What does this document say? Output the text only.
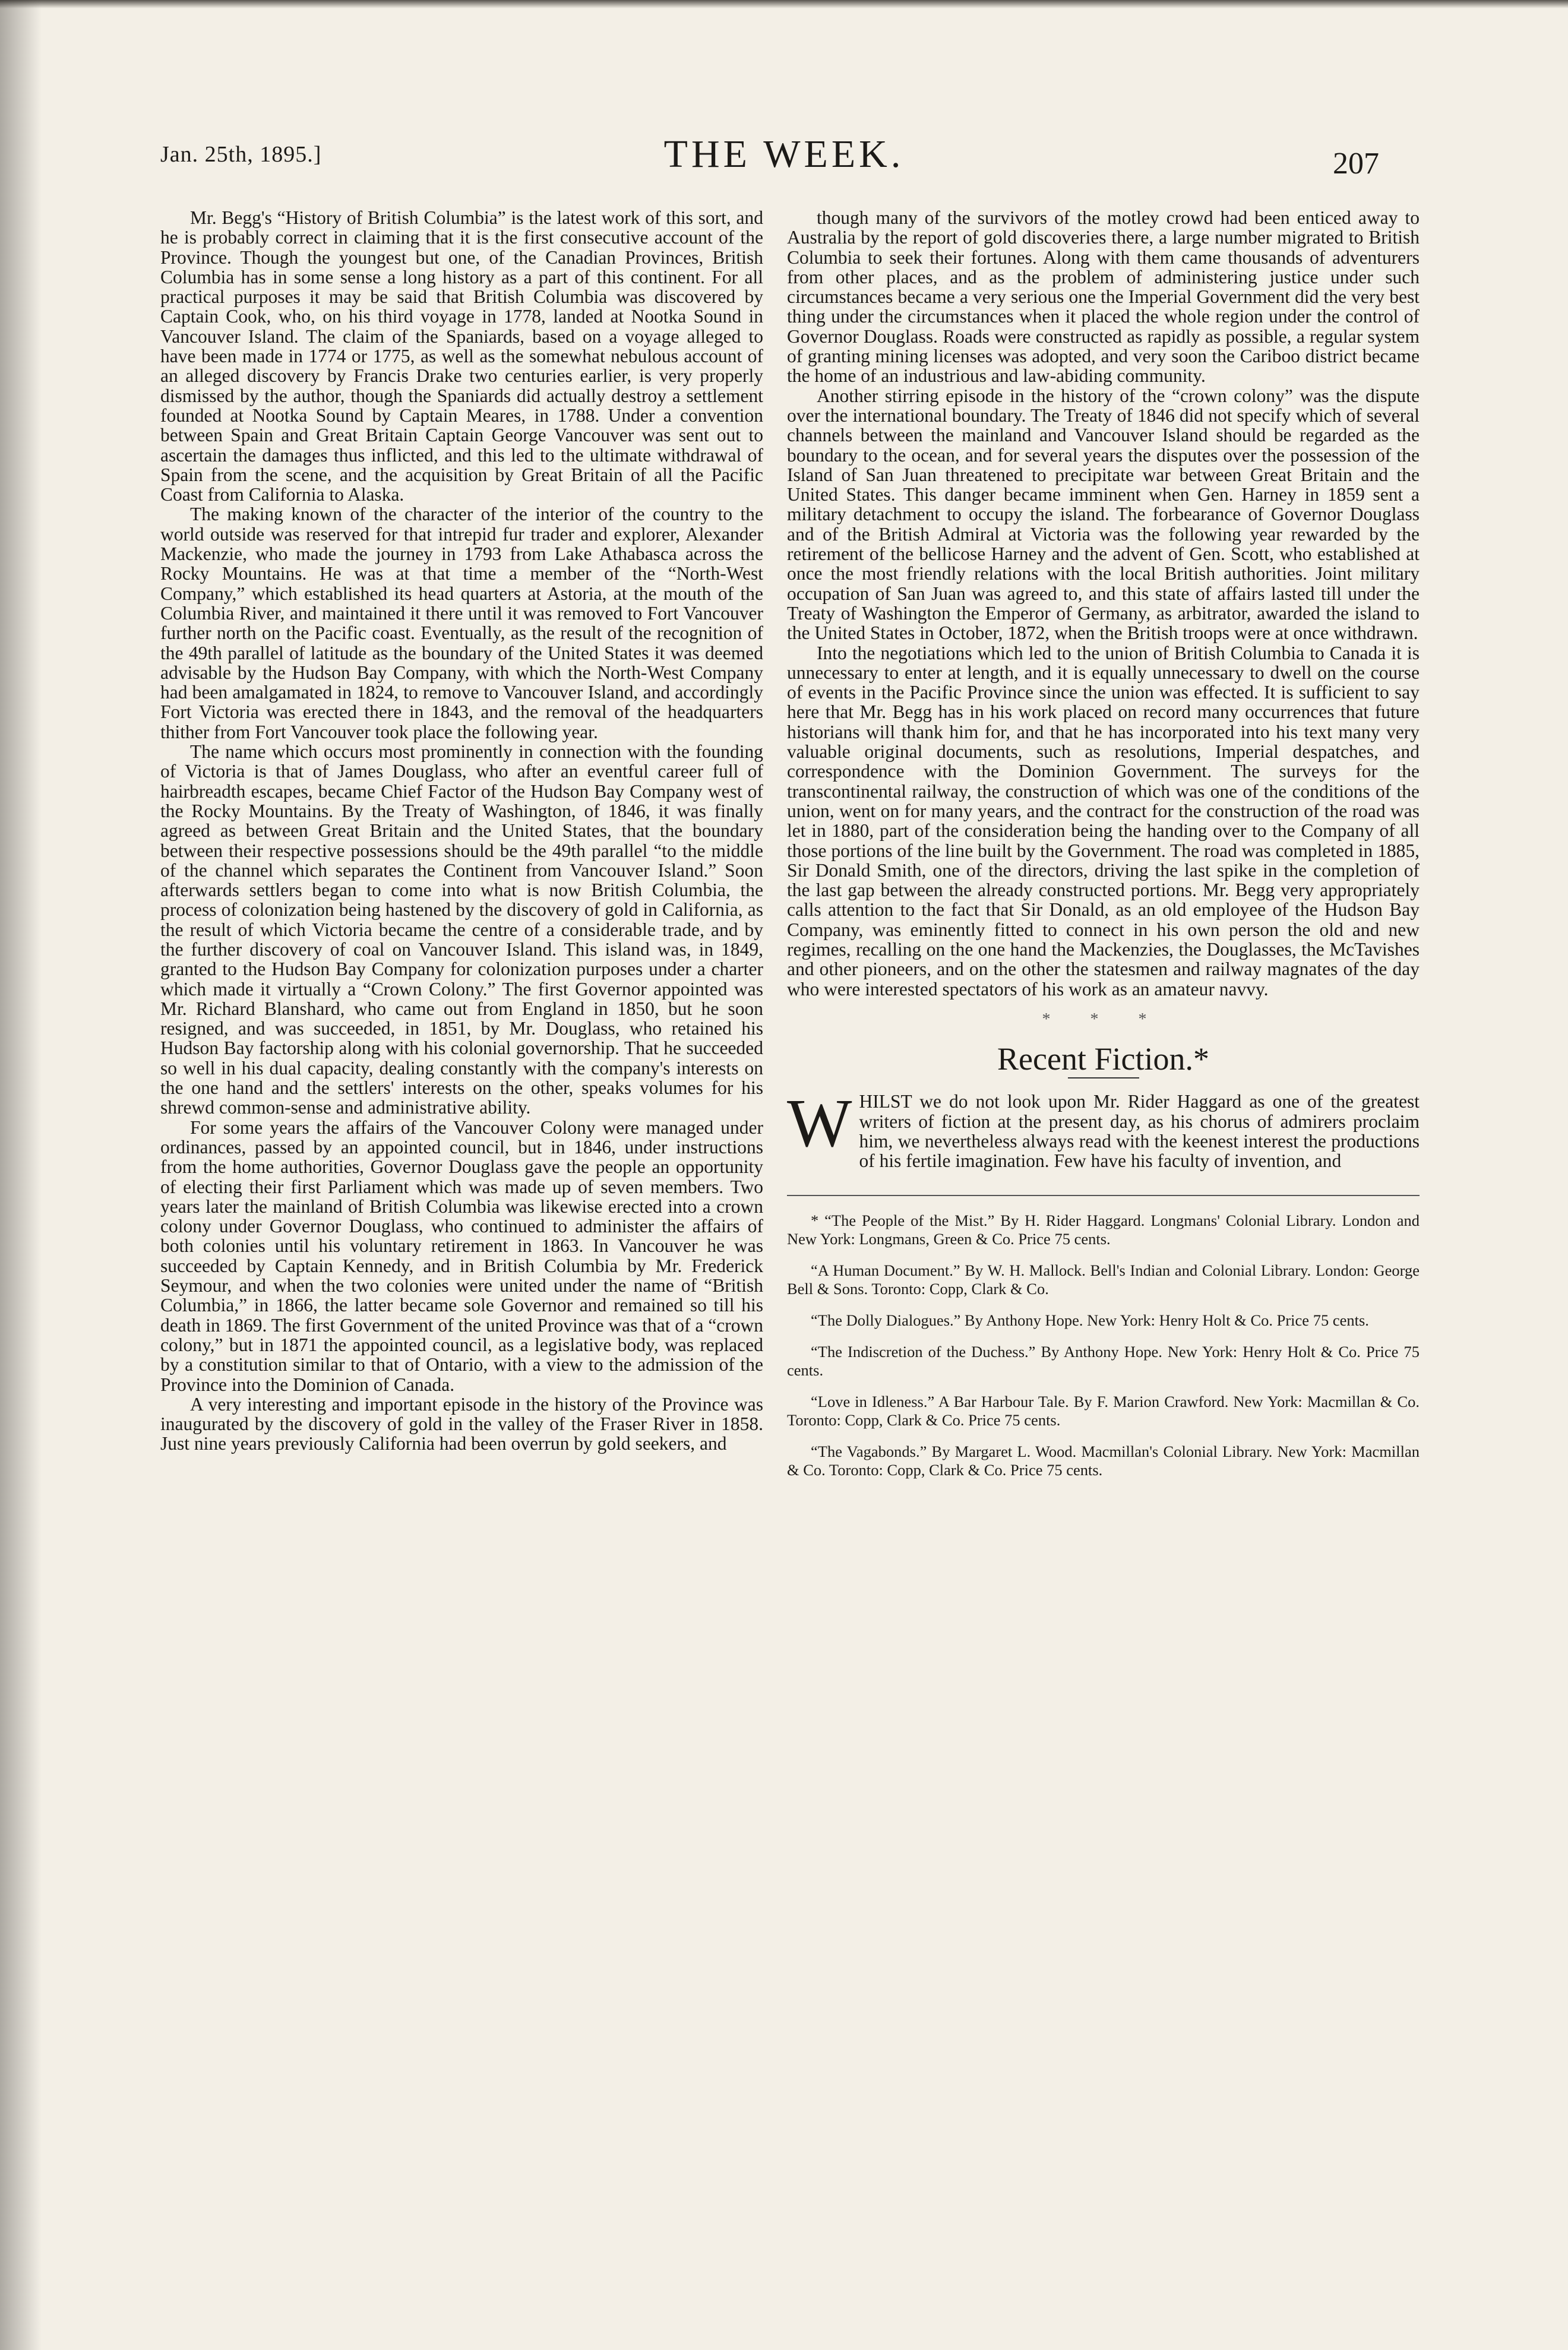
Jan. 25th, 1895.]	THE WEEK.	207

Mr. Begg's “History of British Columbia” is the latest work of this sort, and he is probably correct in claiming that it is the first consecutive account of the Province. Though the youngest but one, of the Canadian Provinces, British Columbia has in some sense a long history as a part of this continent. For all practical purposes it may be said that British Columbia was discovered by Captain Cook, who, on his third voyage in 1778, landed at Nootka Sound in Vancouver Island. The claim of the Spaniards, based on a voyage alleged to have been made in 1774 or 1775, as well as the somewhat nebulous account of an alleged discovery by Francis Drake two centuries earlier, is very properly dismissed by the author, though the Spaniards did actually destroy a settlement founded at Nootka Sound by Captain Meares, in 1788. Under a convention between Spain and Great Britain Captain George Vancouver was sent out to ascertain the damages thus inflicted, and this led to the ultimate withdrawal of Spain from the scene, and the acquisition by Great Britain of all the Pacific Coast from California to Alaska.

The making known of the character of the interior of the country to the world outside was reserved for that intrepid fur trader and explorer, Alexander Mackenzie, who made the journey in 1793 from Lake Athabasca across the Rocky Mountains. He was at that time a member of the “North-West Company,” which established its head quarters at Astoria, at the mouth of the Columbia River, and maintained it there until it was removed to Fort Vancouver further north on the Pacific coast. Eventually, as the result of the recognition of the 49th parallel of latitude as the boundary of the United States it was deemed advisable by the Hudson Bay Company, with which the North-West Company had been amalgamated in 1824, to remove to Vancouver Island, and accordingly Fort Victoria was erected there in 1843, and the removal of the headquarters thither from Fort Vancouver took place the following year.

The name which occurs most prominently in connection with the founding of Victoria is that of James Douglass, who after an eventful career full of hairbreadth escapes, became Chief Factor of the Hudson Bay Company west of the Rocky Mountains. By the Treaty of Washington, of 1846, it was finally agreed as between Great Britain and the United States, that the boundary between their respective possessions should be the 49th parallel “to the middle of the channel which separates the Continent from Vancouver Island.” Soon afterwards settlers began to come into what is now British Columbia, the process of colonization being hastened by the discovery of gold in California, as the result of which Victoria became the centre of a considerable trade, and by the further discovery of coal on Vancouver Island. This island was, in 1849, granted to the Hudson Bay Company for colonization purposes under a charter which made it virtually a “Crown Colony.” The first Governor appointed was Mr. Richard Blanshard, who came out from England in 1850, but he soon resigned, and was succeeded, in 1851, by Mr. Douglass, who retained his Hudson Bay factorship along with his colonial governorship. That he succeeded so well in his dual capacity, dealing constantly with the company's interests on the one hand and the settlers' interests on the other, speaks volumes for his shrewd common-sense and administrative ability.

For some years the affairs of the Vancouver Colony were managed under ordinances, passed by an appointed council, but in 1846, under instructions from the home authorities, Governor Douglass gave the people an opportunity of electing their first Parliament which was made up of seven members. Two years later the mainland of British Columbia was likewise erected into a crown colony under Governor Douglass, who continued to administer the affairs of both colonies until his voluntary retirement in 1863. In Vancouver he was succeeded by Captain Kennedy, and in British Columbia by Mr. Frederick Seymour, and when the two colonies were united under the name of “British Columbia,” in 1866, the latter became sole Governor and remained so till his death in 1869. The first Government of the united Province was that of a “crown colony,” but in 1871 the appointed council, as a legislative body, was replaced by a constitution similar to that of Ontario, with a view to the admission of the Province into the Dominion of Canada.

A very interesting and important episode in the history of the Province was inaugurated by the discovery of gold in the valley of the Fraser River in 1858. Just nine years previously California had been overrun by gold seekers, and

though many of the survivors of the motley crowd had been enticed away to Australia by the report of gold discoveries there, a large number migrated to British Columbia to seek their fortunes. Along with them came thousands of adventurers from other places, and as the problem of administering justice under such circumstances became a very serious one the Imperial Government did the very best thing under the circumstances when it placed the whole region under the control of Governor Douglass. Roads were constructed as rapidly as possible, a regular system of granting mining licenses was adopted, and very soon the Cariboo district became the home of an industrious and law-abiding community.

Another stirring episode in the history of the “crown colony” was the dispute over the international boundary. The Treaty of 1846 did not specify which of several channels between the mainland and Vancouver Island should be regarded as the boundary to the ocean, and for several years the disputes over the possession of the Island of San Juan threatened to precipitate war between Great Britain and the United States. This danger became imminent when Gen. Harney in 1859 sent a military detachment to occupy the island. The forbearance of Governor Douglass and of the British Admiral at Victoria was the following year rewarded by the retirement of the bellicose Harney and the advent of Gen. Scott, who established at once the most friendly relations with the local British authorities. Joint military occupation of San Juan was agreed to, and this state of affairs lasted till under the Treaty of Washington the Emperor of Germany, as arbitrator, awarded the island to the United States in October, 1872, when the British troops were at once withdrawn.

Into the negotiations which led to the union of British Columbia to Canada it is unnecessary to enter at length, and it is equally unnecessary to dwell on the course of events in the Pacific Province since the union was effected. It is sufficient to say here that Mr. Begg has in his work placed on record many occurrences that future historians will thank him for, and that he has incorporated into his text many very valuable original documents, such as resolutions, Imperial despatches, and correspondence with the Dominion Government. The surveys for the transcontinental railway, the construction of which was one of the conditions of the union, went on for many years, and the contract for the construction of the road was let in 1880, part of the consideration being the handing over to the Company of all those portions of the line built by the Government. The road was completed in 1885, Sir Donald Smith, one of the directors, driving the last spike in the completion of the last gap between the already constructed portions. Mr. Begg very appropriately calls attention to the fact that Sir Donald, as an old employee of the Hudson Bay Company, was eminently fitted to connect in his own person the old and new regimes, recalling on the one hand the Mackenzies, the Douglasses, the McTavishes and other pioneers, and on the other the statesmen and railway magnates of the day who were interested spectators of his work as an amateur navvy.

* * *
Recent Fiction.*

WHILST we do not look upon Mr. Rider Haggard as one of the greatest writers of fiction at the present day, as his chorus of admirers proclaim him, we nevertheless always read with the keenest interest the productions of his fertile imagination. Few have his faculty of invention, and

* “The People of the Mist.” By H. Rider Haggard. Longmans' Colonial Library. London and New York: Longmans, Green & Co. Price 75 cents.

“A Human Document.” By W. H. Mallock. Bell's Indian and Colonial Library. London: George Bell & Sons. Toronto: Copp, Clark & Co.

“The Dolly Dialogues.” By Anthony Hope. New York: Henry Holt & Co. Price 75 cents.

“The Indiscretion of the Duchess.” By Anthony Hope. New York: Henry Holt & Co. Price 75 cents.

“Love in Idleness.” A Bar Harbour Tale. By F. Marion Crawford. New York: Macmillan & Co. Toronto: Copp, Clark & Co. Price 75 cents.

“The Vagabonds.” By Margaret L. Wood. Macmillan's Colonial Library. New York: Macmillan & Co. Toronto: Copp, Clark & Co. Price 75 cents.
